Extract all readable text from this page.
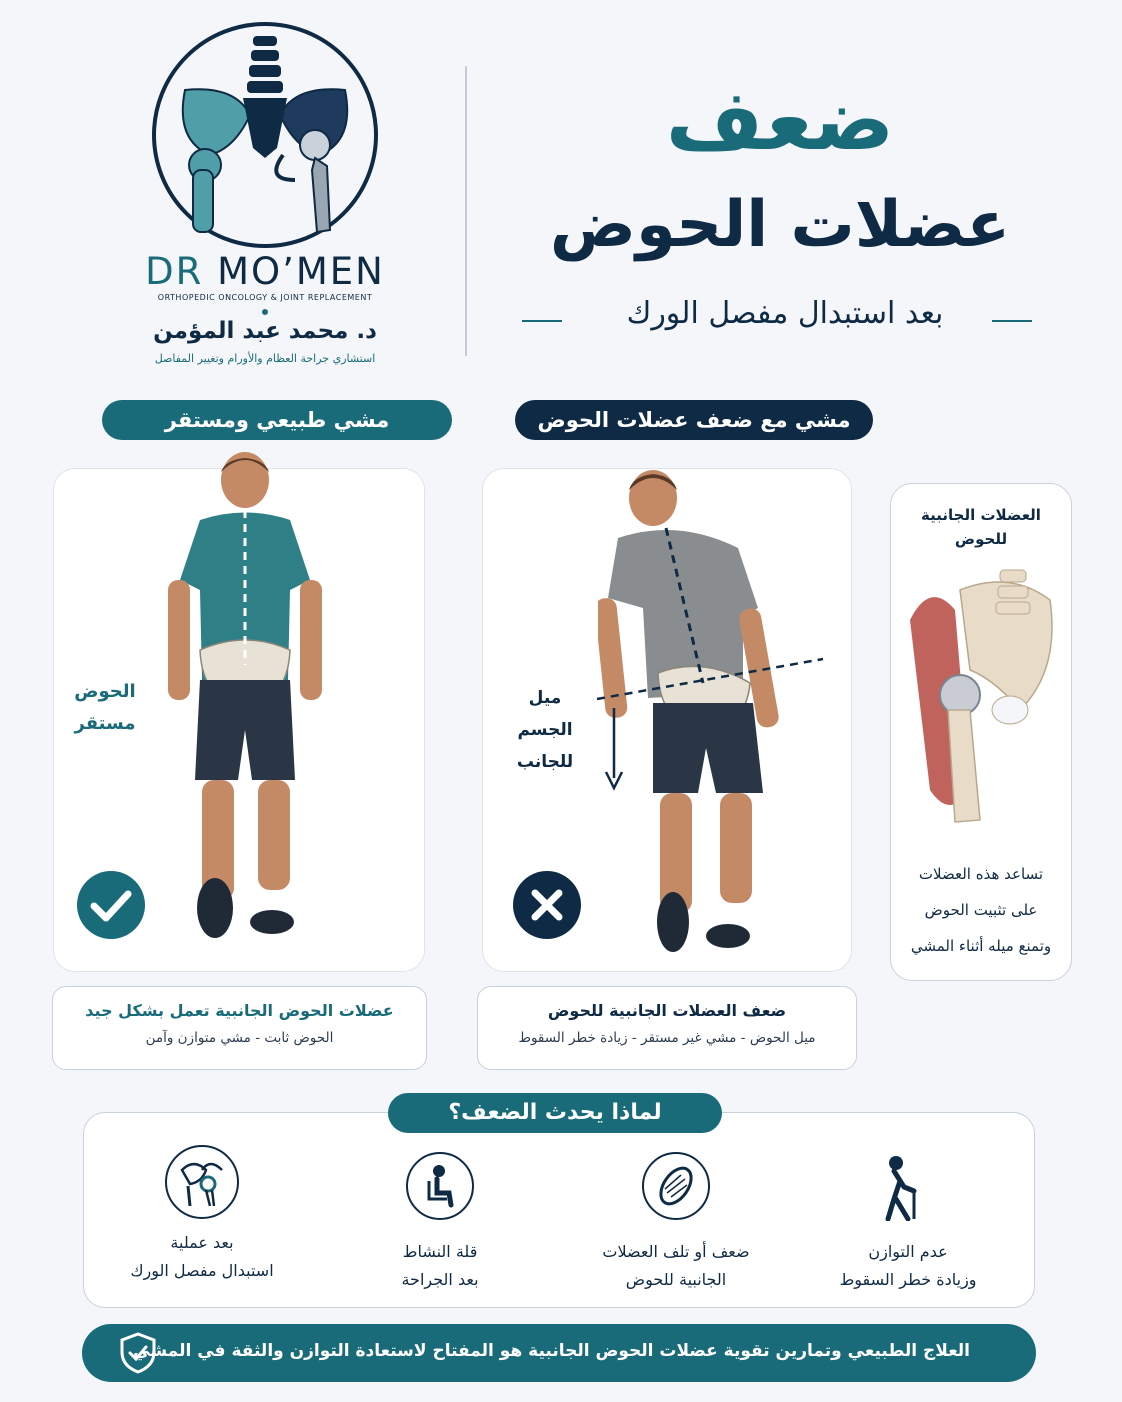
DR MO’MEN
ORTHOPEDIC ONCOLOGY & JOINT REPLACEMENT
د. محمد عبد المؤمن
استشاري جراحة العظام والأورام وتغيير المفاصل
ضعف
عضلات الحوض
بعد استبدال مفصل الورك
مشي طبيعي ومستقر	مشي مع ضعف عضلات الحوض
الحوض
مستقر
ميل
الجسم
للجانب
العضلات الجانبية
للحوض
تساعد هذه العضلات
على تثبيت الحوض
وتمنع ميله أثناء المشي
عضلات الحوض الجانبية تعمل بشكل جيد
الحوض ثابت - مشي متوازن وآمن
ضعف العضلات الجانبية للحوض
ميل الحوض - مشي غير مستقر - زيادة خطر السقوط
لماذا يحدث الضعف؟
عدم التوازن
وزيادة خطر السقوط
ضعف أو تلف العضلات
الجانبية للحوض
قلة النشاط
بعد الجراحة
بعد عملية
استبدال مفصل الورك
العلاج الطبيعي وتمارين تقوية عضلات الحوض الجانبية هو المفتاح لاستعادة التوازن والثقة في المشي
